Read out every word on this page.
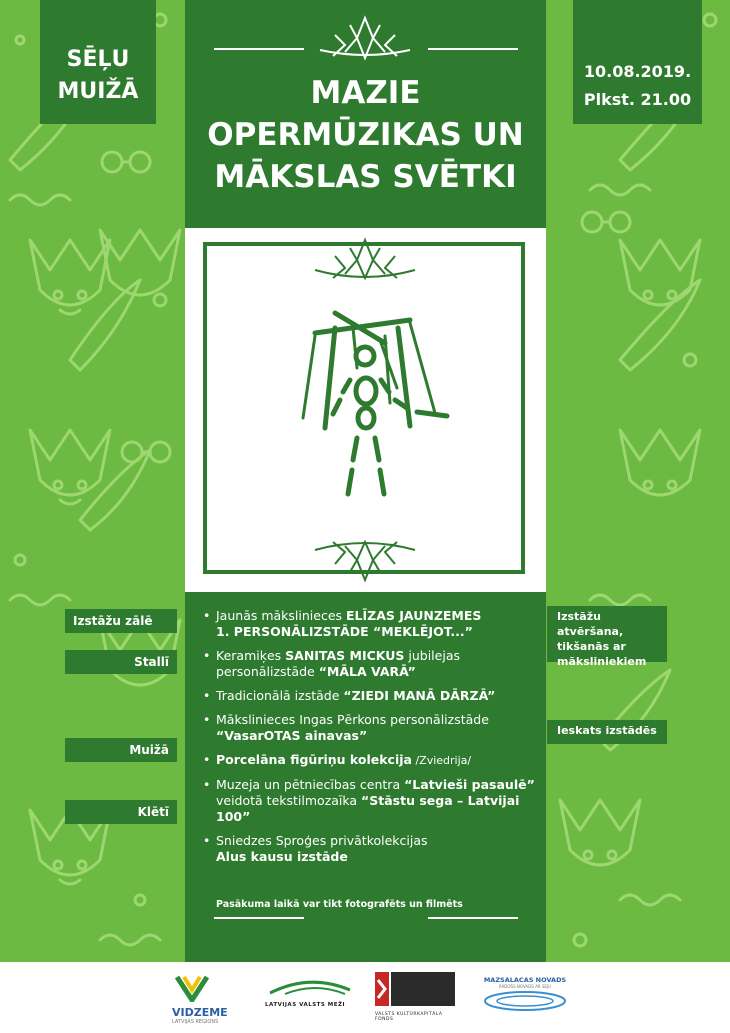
SĒĻU
MUIŽĀ
10.08.2019.
Plkst. 21.00
MAZIE
OPERMŪZIKAS UN
MĀKSLAS SVĒTKI
Izstāžu zālē
Stallī
Muižā
Klētī
Izstāžu atvēršana, tikšanās ar māksliniekiem
Ieskats izstādēs
• Jaunās mākslinieces ELĪZAS JAUNZEMES
1. PERSONĀLIZSTĀDE “MEKLĒJOT...”
• Keramiķes SANITAS MICKUS jubilejas personālizstāde “MĀLA VARĀ”
• Tradicionālā izstāde “ZIEDI MANĀ DĀRZĀ”
• Mākslinieces Ingas Pērkons personālizstāde “VasarOTAS ainavas”
• Porcelāna figūriņu kolekcija /Zviedrija/
• Muzeja un pētniecības centra “Latvieši pasaulē” veidotā tekstilmozaīka “Stāstu sega – Latvijai 100”
• Sniedzes Sproģes privātkolekcijas
Alus kausu izstāde
Pasākuma laikā var tikt fotografēts un filmēts
VIDZEME
LATVIJAS REĢIONS
LATVIJAS VALSTS MEŽI
VALSTS KULTŪRKAPITĀLA FONDS
MAZSALACAS NOVADS
RADOŠS NOVADS AR SEJU
